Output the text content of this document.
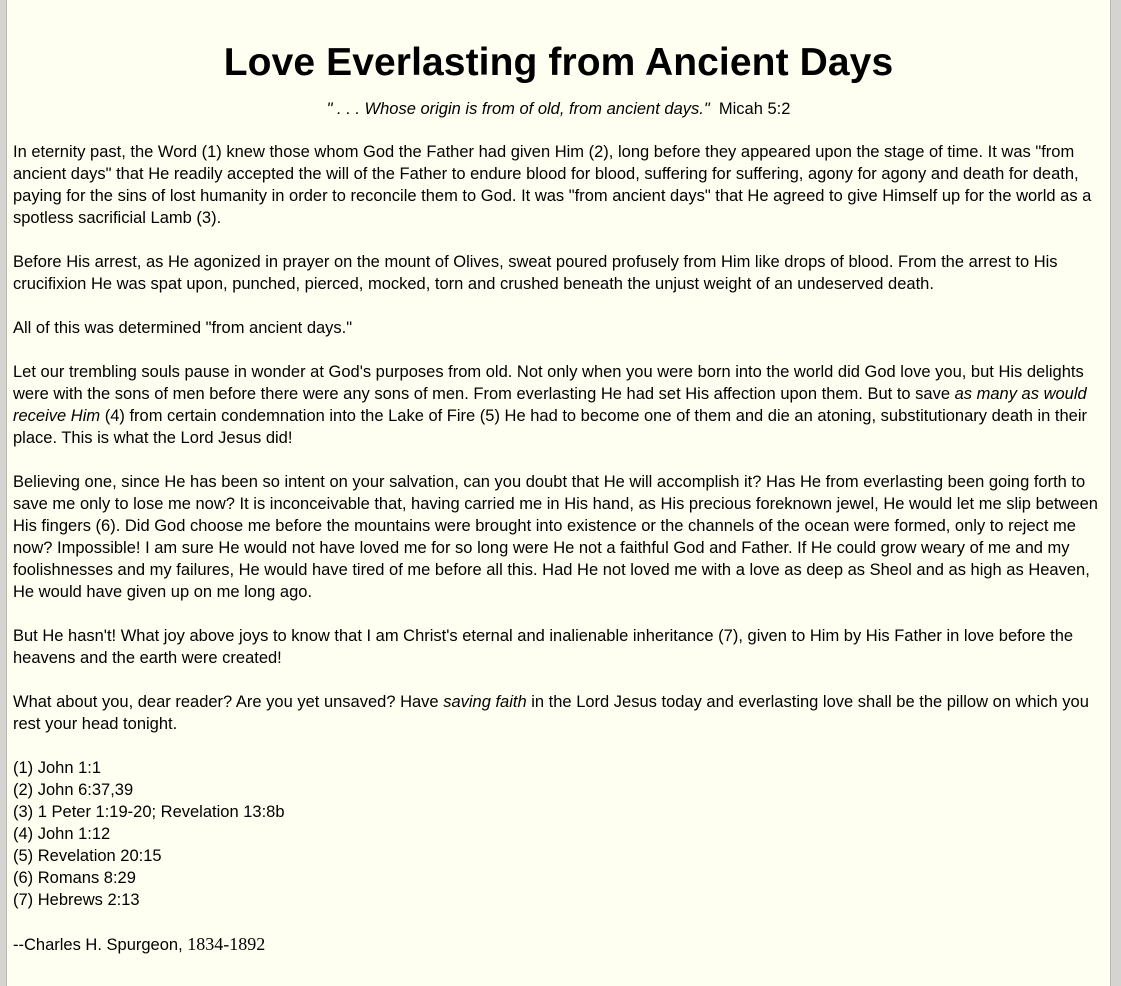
Love Everlasting from Ancient Days
" . . . Whose origin is from of old, from ancient days." Micah 5:2

In eternity past, the Word (1) knew those whom God the Father had given Him (2), long before they appeared upon the stage of time. It was "from ancient days" that He readily accepted the will of the Father to endure blood for blood, suffering for suffering, agony for agony and death for death, paying for the sins of lost humanity in order to reconcile them to God. It was "from ancient days" that He agreed to give Himself up for the world as a spotless sacrificial Lamb (3).

Before His arrest, as He agonized in prayer on the mount of Olives, sweat poured profusely from Him like drops of blood. From the arrest to His crucifixion He was spat upon, punched, pierced, mocked, torn and crushed beneath the unjust weight of an undeserved death.

All of this was determined "from ancient days."

Let our trembling souls pause in wonder at God's purposes from old. Not only when you were born into the world did God love you, but His delights were with the sons of men before there were any sons of men. From everlasting He had set His affection upon them. But to save as many as would receive Him (4) from certain condemnation into the Lake of Fire (5) He had to become one of them and die an atoning, substitutionary death in their place. This is what the Lord Jesus did!

Believing one, since He has been so intent on your salvation, can you doubt that He will accomplish it? Has He from everlasting been going forth to save me only to lose me now? It is inconceivable that, having carried me in His hand, as His precious foreknown jewel, He would let me slip between His fingers (6). Did God choose me before the mountains were brought into existence or the channels of the ocean were formed, only to reject me now? Impossible! I am sure He would not have loved me for so long were He not a faithful God and Father. If He could grow weary of me and my foolishnesses and my failures, He would have tired of me before all this. Had He not loved me with a love as deep as Sheol and as high as Heaven, He would have given up on me long ago.

But He hasn't! What joy above joys to know that I am Christ's eternal and inalienable inheritance (7), given to Him by His Father in love before the heavens and the earth were created!

What about you, dear reader? Are you yet unsaved? Have saving faith in the Lord Jesus today and everlasting love shall be the pillow on which you rest your head tonight.

(1) John 1:1
(2) John 6:37,39
(3) 1 Peter 1:19-20; Revelation 13:8b
(4) John 1:12
(5) Revelation 20:15
(6) Romans 8:29
(7) Hebrews 2:13
--Charles H. Spurgeon, 1834-1892
